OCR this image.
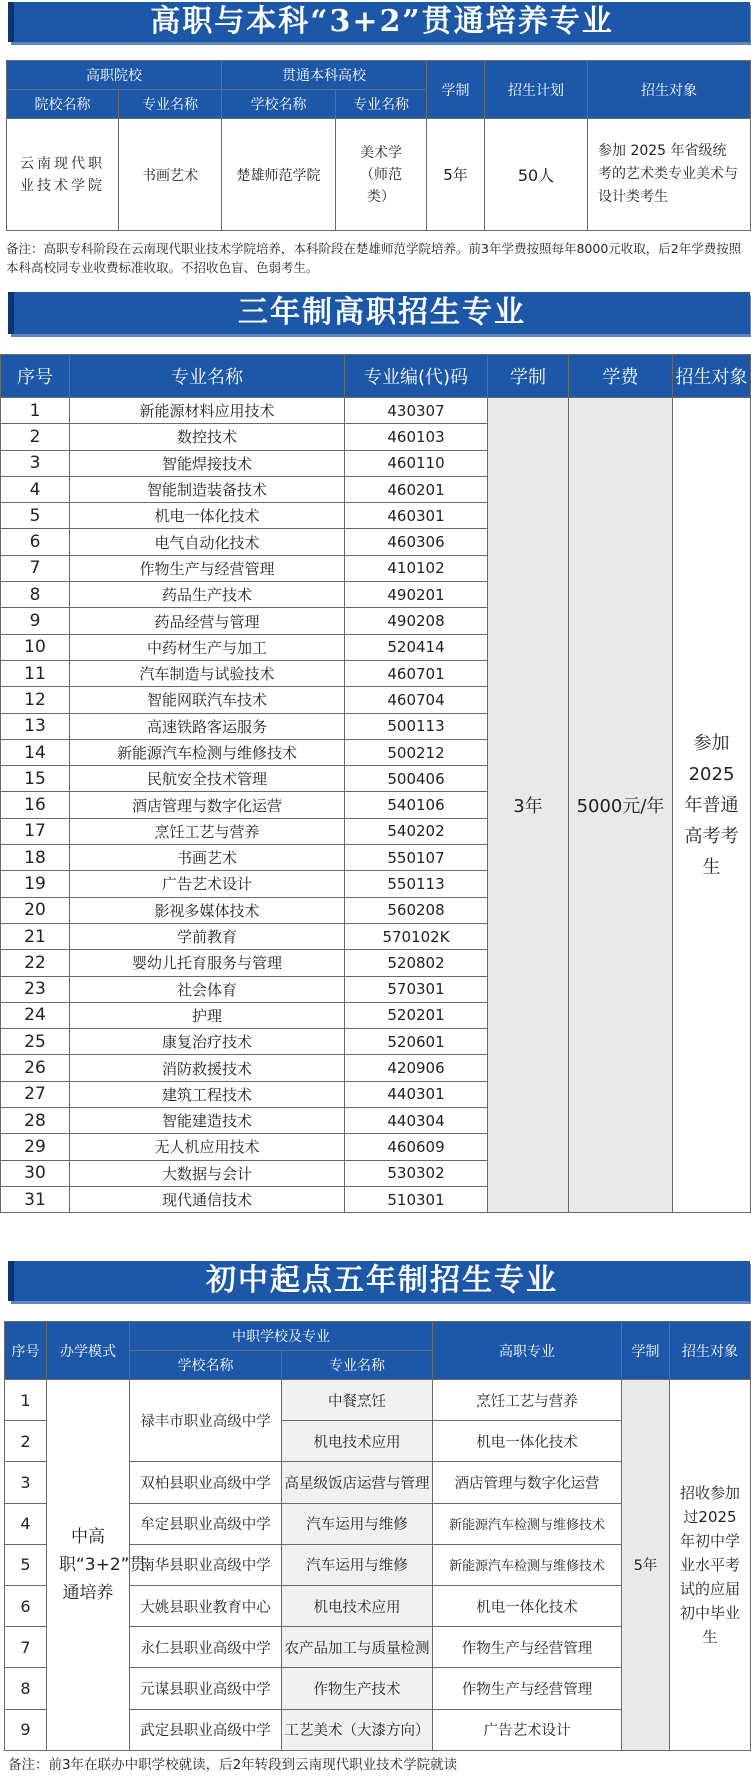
高职与本科“3+2”贯通培养专业
高职院校		贯通本科高校		学制	招生计划	招生对象
院校名称	专业名称	学校名称	专业名称			
云南现代职业技术学院	书画艺术	楚雄师范学院	美术学（师范类）	5年	50人	参加 2025 年省级统考的艺术类专业美术与设计类考生
备注：高职专科阶段在云南现代职业技术学院培养，本科阶段在楚雄师范学院培养。前3年学费按照每年8000元收取，后2年学费按照本科高校同专业收费标准收取。不招收色盲、色弱考生。
三年制高职招生专业
序号	专业名称	专业编(代)码	学制	学费	招生对象
1	新能源材料应用技术	430307	3年	5000元/年	参加2025年普通高考考生
2	数控技术	460103			
3	智能焊接技术	460110			
4	智能制造装备技术	460201			
5	机电一体化技术	460301			
6	电气自动化技术	460306			
7	作物生产与经营管理	410102			
8	药品生产技术	490201			
9	药品经营与管理	490208			
10	中药材生产与加工	520414			
11	汽车制造与试验技术	460701			
12	智能网联汽车技术	460704			
13	高速铁路客运服务	500113			
14	新能源汽车检测与维修技术	500212			
15	民航安全技术管理	500406			
16	酒店管理与数字化运营	540106			
17	烹饪工艺与营养	540202			
18	书画艺术	550107			
19	广告艺术设计	550113			
20	影视多媒体技术	560208			
21	学前教育	570102K			
22	婴幼儿托育服务与管理	520802			
23	社会体育	570301			
24	护理	520201			
25	康复治疗技术	520601			
26	消防救援技术	420906			
27	建筑工程技术	440301			
28	智能建造技术	440304			
29	无人机应用技术	460609			
30	大数据与会计	530302			
31	现代通信技术	510301			
初中起点五年制招生专业
序号	办学模式	中职学校及专业		高职专业	学制	招生对象
		学校名称	专业名称			
1	中高职“3+2”贯通培养	禄丰市职业高级中学	中餐烹饪	烹饪工艺与营养	5年	招收参加过2025年初中学业水平考试的应届初中毕业生
2			机电技术应用	机电一体化技术		
3		双柏县职业高级中学	高星级饭店运营与管理	酒店管理与数字化运营		
4		牟定县职业高级中学	汽车运用与维修	新能源汽车检测与维修技术		
5		南华县职业高级中学	汽车运用与维修	新能源汽车检测与维修技术		
6		大姚县职业教育中心	机电技术应用	机电一体化技术		
7		永仁县职业高级中学	农产品加工与质量检测	作物生产与经营管理		
8		元谋县职业高级中学	作物生产技术	作物生产与经营管理		
9		武定县职业高级中学	工艺美术（大漆方向）	广告艺术设计		
备注：前3年在联办中职学校就读，后2年转段到云南现代职业技术学院就读
